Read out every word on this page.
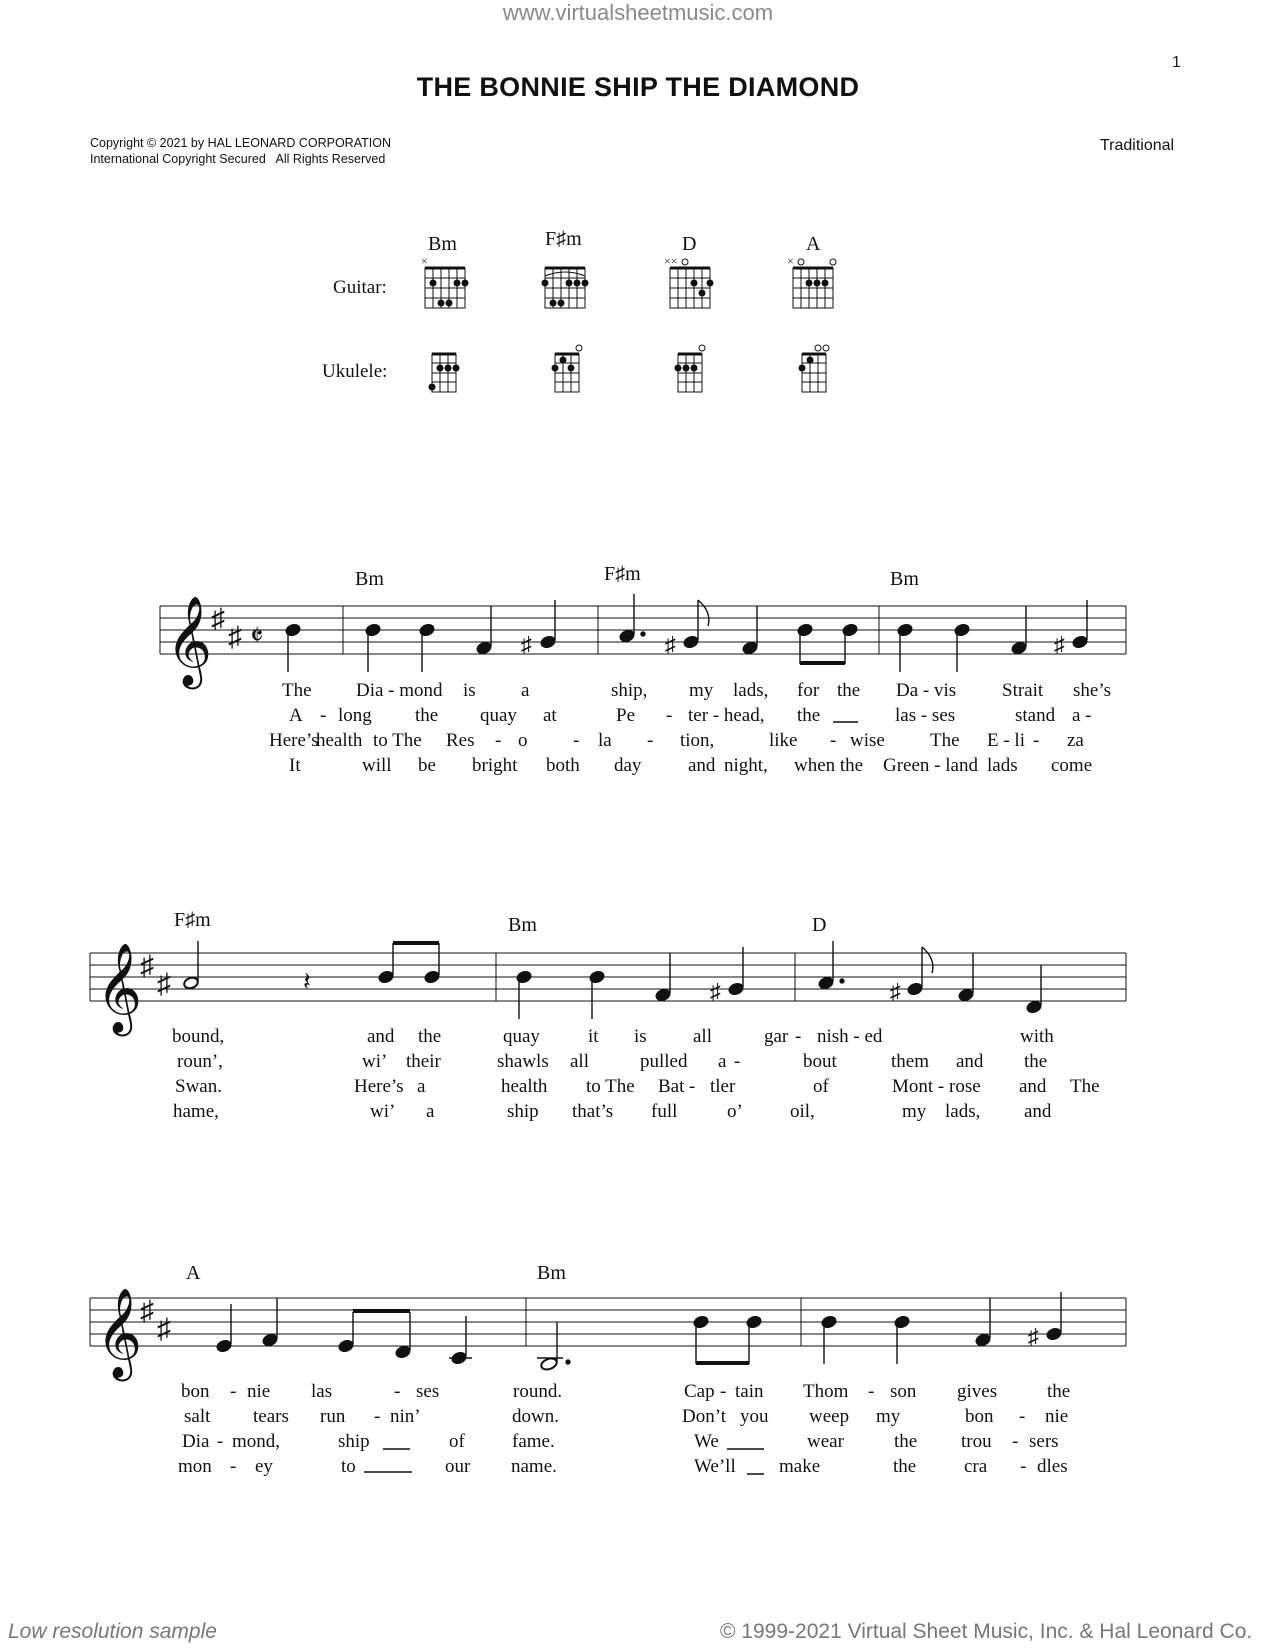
www.virtualsheetmusic.com
1
THE BONNIE SHIP THE DIAMOND
Copyright © 2021 by HAL LEONARD CORPORATION
International Copyright Secured   All Rights Reserved
Traditional
Guitar:
Ukulele:
Bm	F♯m	D	A
×	××	×
Bm	F♯m	Bm
F♯m	Bm	D
A	Bm
𝄞
♯
♯ 𝄵
𝄞
♯
♯
𝄞
♯
♯
♯	♯	♯
𝄽	♯	♯
♯
The Dia - mond is a	ship, my lads, for the Da - vis Strait she’s
A - long the quay at	Pe - ter - head, the	las - ses	stand a -
Here’s
health to The Res - o - la - tion,	like - wise The E - li - za
It	will be bright both day and night, when the Green - land lads come
bound,	and the	quay	it is all	gar - nish - ed	with
roun’,	wi’ their	shawls all	pulled a -	bout	them and the
Swan.	Here’s a	health to The Bat - tler	of	Mont - rose and The
hame,	wi’ a	ship that’s full	o’ oil,	my lads, and
bon - nie las	- ses	round.	Cap - tain Thom - son gives	the
salt tears run - nin’	down.	Don’t you weep my	bon - nie
Dia - mond,	ship	of fame.	We	wear	the trou - sers
mon - ey	to	our name.	We’ll make	the	cra - dles
Low resolution sample	© 1999-2021 Virtual Sheet Music, Inc. & Hal Leonard Co.
